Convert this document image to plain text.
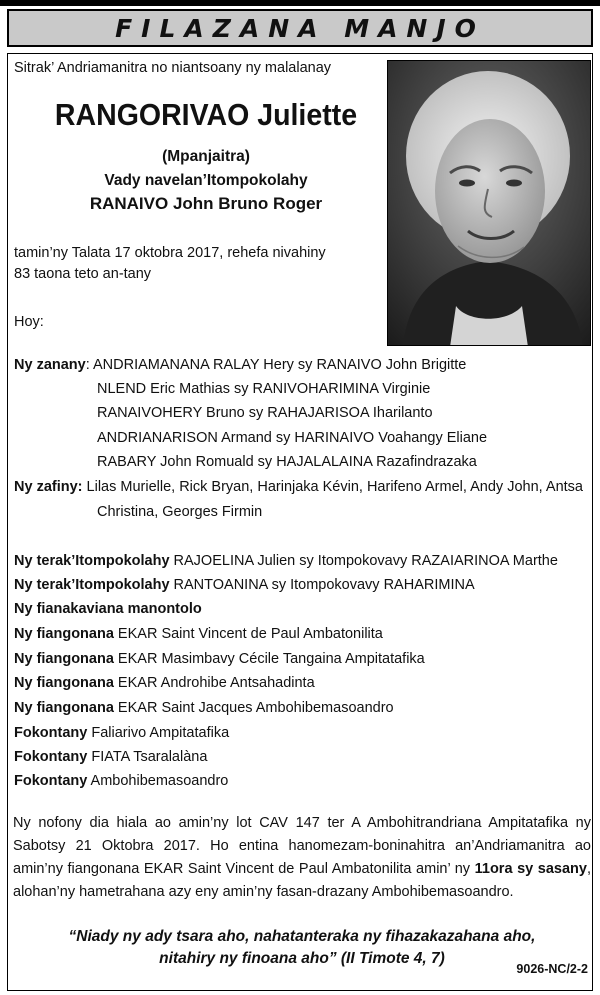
FILAZANA MANJO
Sitrak’ Andriamanitra no niantsoany ny malalanay
RANGORIVAO Juliette
(Mpanjaitra)
Vady navelan’Itompokolahy
RANAIVO John Bruno Roger
tamin’ny Talata 17 oktobra 2017, rehefa nivahiny
83 taona teto an-tany
Hoy:
Ny zanany: ANDRIAMANANA RALAY Hery sy RANAIVO John Brigitte
NLEND Eric Mathias sy RANIVOHARIMINA Virginie
RANAIVOHERY Bruno sy RAHAJARISOA Iharilanto
ANDRIANARISON Armand sy HARINAIVO Voahangy Eliane
RABARY John Romuald sy HAJALALAINA Razafindrazaka
Ny zafiny: Lilas Murielle, Rick Bryan, Harinjaka Kévin, Harifeno Armel, Andy John, Antsa
Christina, Georges Firmin
Ny terak’Itompokolahy RAJOELINA Julien sy Itompokovavy RAZAIARINOA Marthe
Ny terak’Itompokolahy RANTOANINA sy Itompokovavy RAHARIMINA
Ny fianakaviana manontolo
Ny fiangonana EKAR Saint Vincent de Paul Ambatonilita
Ny fiangonana EKAR Masimbavy Cécile Tangaina Ampitatafika
Ny fiangonana EKAR Androhibe Antsahadinta
Ny fiangonana EKAR Saint Jacques Ambohibemasoandro
Fokontany Faliarivo Ampitatafika
Fokontany FIATA Tsaralalàna
Fokontany Ambohibemasoandro
Ny nofony dia hiala ao amin’ny lot CAV 147 ter A Ambohitrandriana Ampitatafika ny Sabotsy 21 Oktobra 2017. Ho entina hanomezam-boninahitra an’Andriamanitra ao amin’ny fiangonana EKAR Saint Vincent de Paul Ambatonilita amin’ ny 11ora sy sasany, alohan’ny hametrahana azy eny amin’ny fasan-drazany Ambohibemasoandro.
“Niady ny ady tsara aho, nahatanteraka ny fihazakazahana aho,
nitahiry ny finoana aho” (II Timote 4, 7)
9026-NC/2-2
